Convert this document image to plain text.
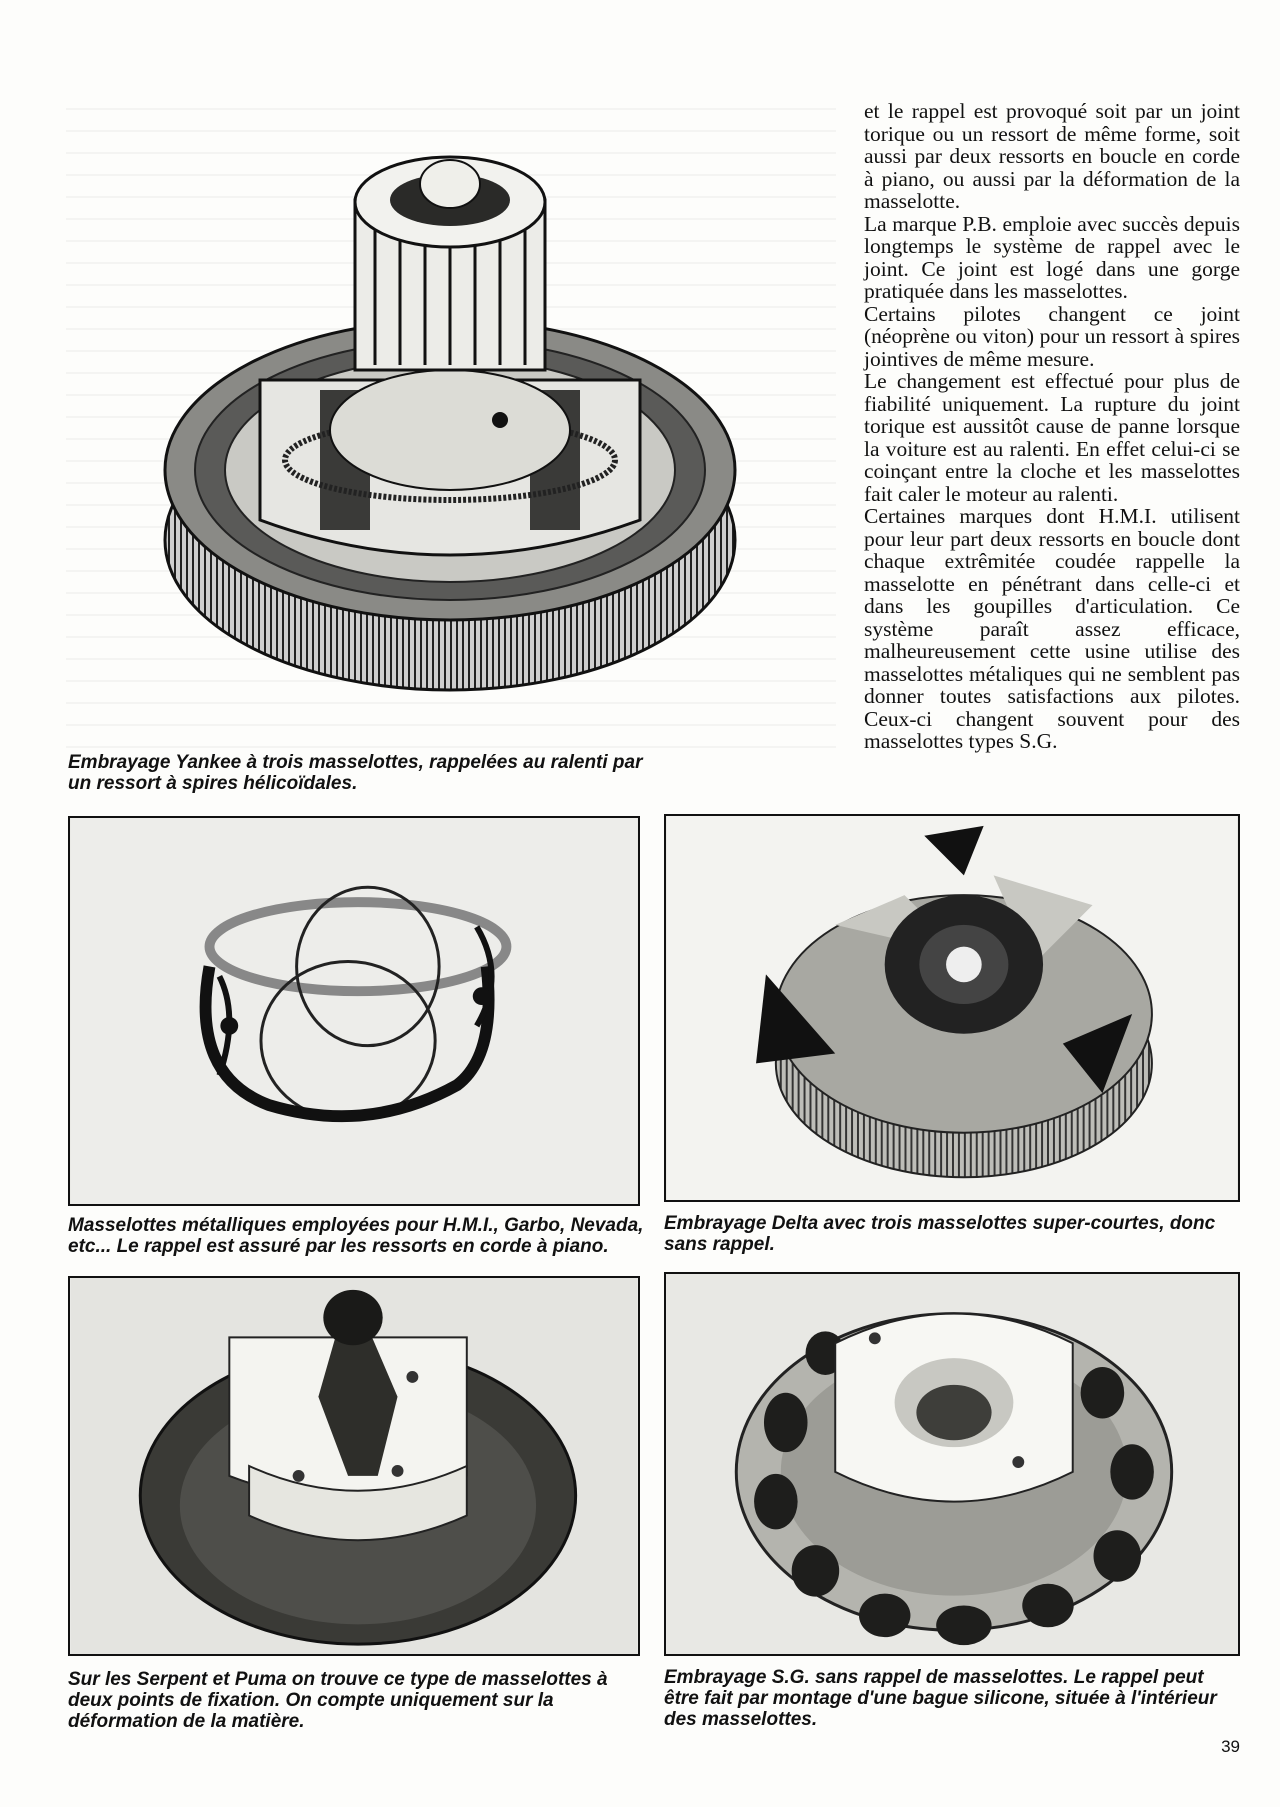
Embrayage Yankee à trois masselottes, rappelées au ralenti par un ressort à spires hélicoïdales.

et le rappel est provoqué soit par un joint torique ou un ressort de même forme, soit aussi par deux ressorts en boucle en corde à piano, ou aussi par la déformation de la masselotte.

La marque P.B. emploie avec succès depuis longtemps le système de rappel avec le joint. Ce joint est logé dans une gorge pratiquée dans les masselottes.

Certains pilotes changent ce joint (néoprène ou viton) pour un ressort à spires jointives de même mesure.

Le changement est effectué pour plus de fiabilité uniquement. La rupture du joint torique est aussitôt cause de panne lorsque la voiture est au ralenti. En effet celui-ci se coinçant entre la cloche et les masselottes fait caler le moteur au ralenti.

Certaines marques dont H.M.I. utilisent pour leur part deux ressorts en boucle dont chaque extrêmitée coudée rappelle la masselotte en pénétrant dans celle-ci et dans les goupilles d'articulation. Ce système paraît assez efficace, malheureusement cette usine utilise des masselottes métaliques qui ne semblent pas donner toutes satisfactions aux pilotes. Ceux-ci changent souvent pour des masselottes types S.G.

Masselottes métalliques employées pour H.M.I., Garbo, Nevada, etc... Le rappel est assuré par les ressorts en corde à piano.

Embrayage Delta avec trois masselottes super-courtes, donc sans rappel.

Sur les Serpent et Puma on trouve ce type de masselottes à deux points de fixation. On compte uniquement sur la déformation de la matière.

Embrayage S.G. sans rappel de masselottes. Le rappel peut être fait par montage d'une bague silicone, située à l'intérieur des masselottes.

39
